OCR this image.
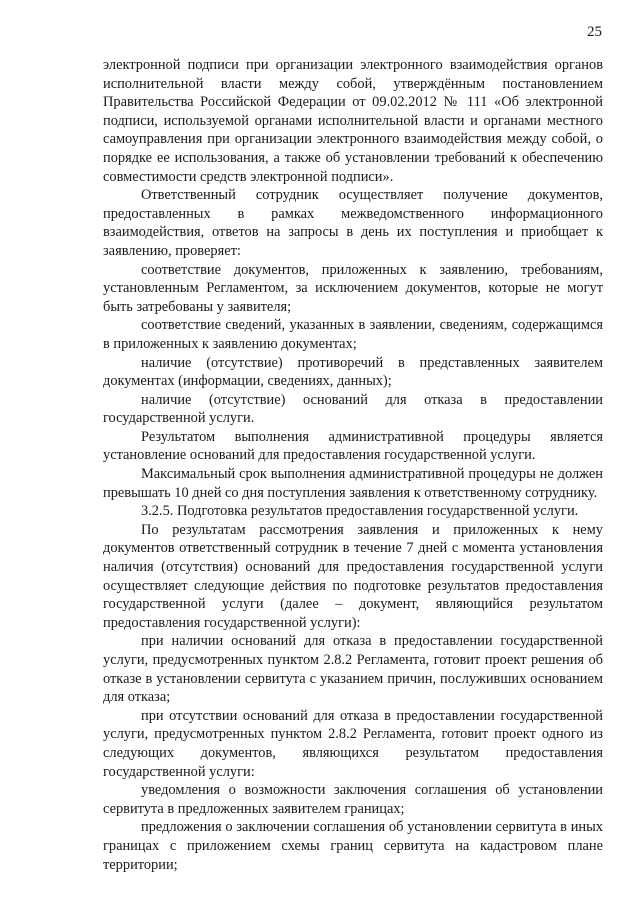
25

электронной подписи при организации электронного взаимодействия органов исполнительной власти между собой, утверждённым постановлением Правительства Российской Федерации от 09.02.2012 № 111 «Об электронной подписи, используемой органами исполнительной власти и органами местного самоуправления при организации электронного взаимодействия между собой, о порядке ее использования, а также об установлении требований к обеспечению совместимости средств электронной подписи».

Ответственный сотрудник осуществляет получение документов, предоставленных в рамках межведомственного информационного взаимодействия, ответов на запросы в день их поступления и приобщает к заявлению, проверяет:

соответствие документов, приложенных к заявлению, требованиям, установленным Регламентом, за исключением документов, которые не могут быть затребованы у заявителя;

соответствие сведений, указанных в заявлении, сведениям, содержащимся в приложенных к заявлению документах;

наличие (отсутствие) противоречий в представленных заявителем документах (информации, сведениях, данных);

наличие (отсутствие) оснований для отказа в предоставлении государственной услуги.

Результатом выполнения административной процедуры является установление оснований для предоставления государственной услуги.

Максимальный срок выполнения административной процедуры не должен превышать 10 дней со дня поступления заявления к ответственному сотруднику.

3.2.5. Подготовка результатов предоставления государственной услуги.

По результатам рассмотрения заявления и приложенных к нему документов ответственный сотрудник в течение 7 дней с момента установления наличия (отсутствия) оснований для предоставления государственной услуги осуществляет следующие действия по подготовке результатов предоставления государственной услуги (далее – документ, являющийся результатом предоставления государственной услуги):

при наличии оснований для отказа в предоставлении государственной услуги, предусмотренных пунктом 2.8.2 Регламента, готовит проект решения об отказе в установлении сервитута с указанием причин, послуживших основанием для отказа;

при отсутствии оснований для отказа в предоставлении государственной услуги, предусмотренных пунктом 2.8.2 Регламента, готовит проект одного из следующих документов, являющихся результатом предоставления государственной услуги:

уведомления о возможности заключения соглашения об установлении сервитута в предложенных заявителем границах;

предложения о заключении соглашения об установлении сервитута в иных границах с приложением схемы границ сервитута на кадастровом плане территории;
